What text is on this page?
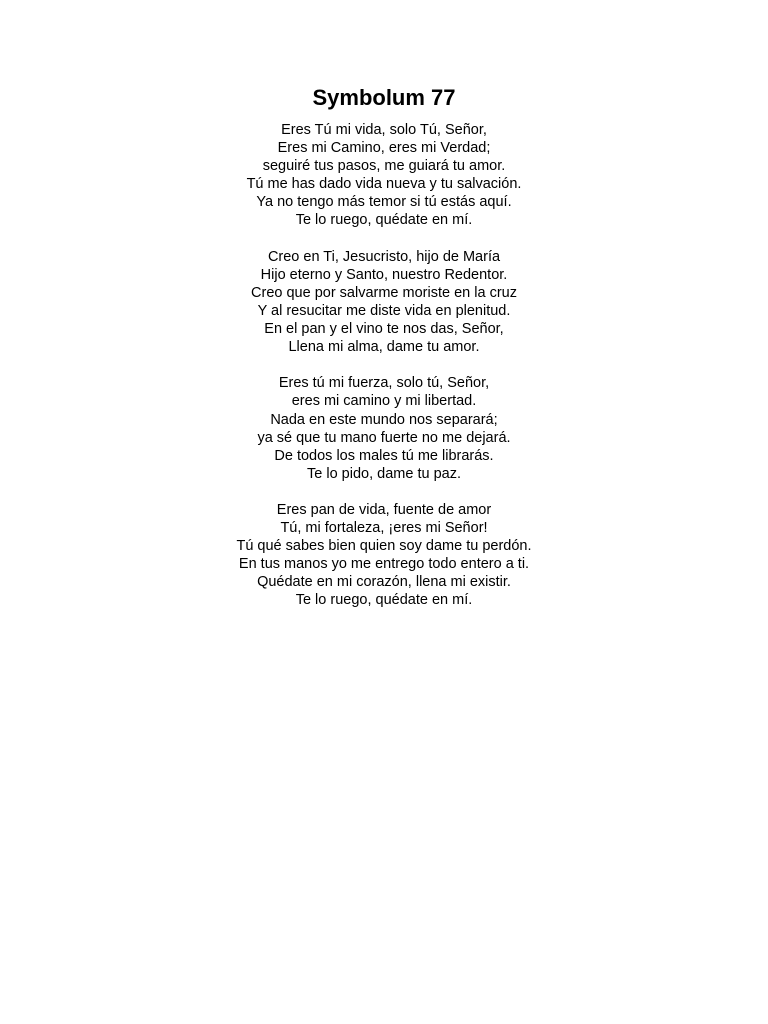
Symbolum 77
Eres Tú mi vida, solo Tú, Señor,
Eres mi Camino, eres mi Verdad;
seguiré tus pasos, me guiará tu amor.
Tú me has dado vida nueva y tu salvación.
Ya no tengo más temor si tú estás aquí.
Te lo ruego, quédate en mí.
Creo en Ti, Jesucristo, hijo de María
Hijo eterno y Santo, nuestro Redentor.
Creo que por salvarme moriste en la cruz
Y al resucitar me diste vida en plenitud.
En el pan y el vino te nos das, Señor,
Llena mi alma, dame tu amor.
Eres tú mi fuerza, solo tú, Señor,
eres mi camino y mi libertad.
Nada en este mundo nos separará;
ya sé que tu mano fuerte no me dejará.
De todos los males tú me librarás.
Te lo pido, dame tu paz.
Eres pan de vida, fuente de amor
Tú, mi fortaleza, ¡eres mi Señor!
Tú qué sabes bien quien soy dame tu perdón.
En tus manos yo me entrego todo entero a ti.
Quédate en mi corazón, llena mi existir.
Te lo ruego, quédate en mí.
